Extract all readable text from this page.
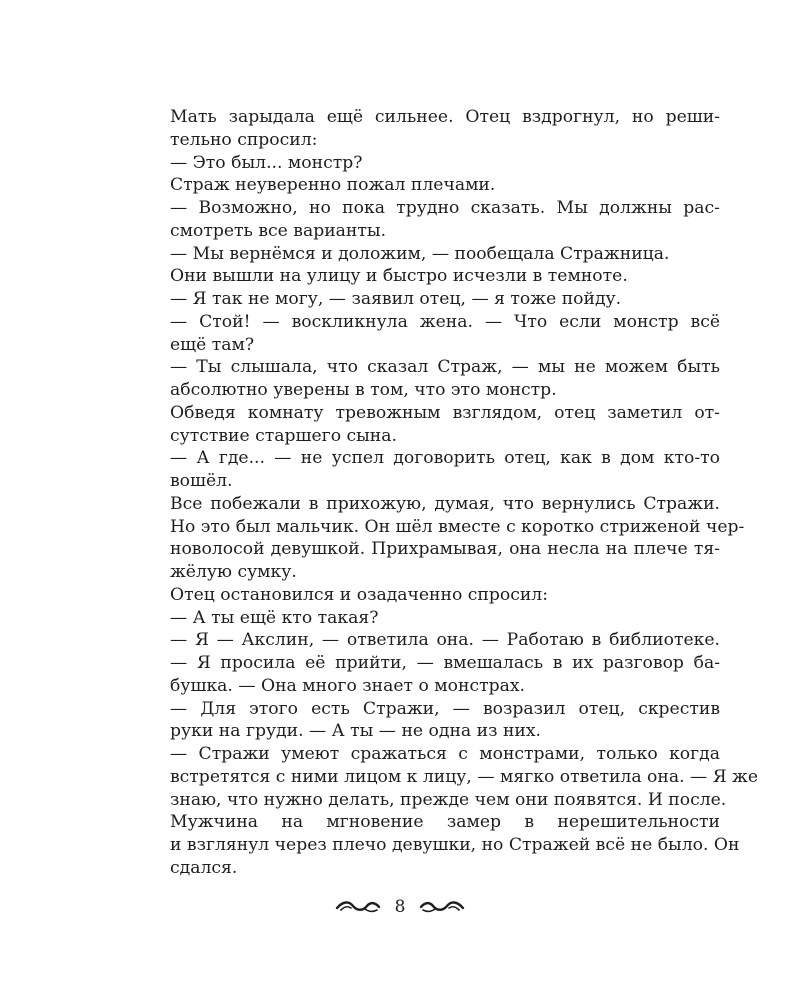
Мать зарыдала ещё сильнее. Отец вздрогнул, но реши-
тельно спросил:
— Это был... монстр?
Страж неуверенно пожал плечами.
— Возможно, но пока трудно сказать. Мы должны рас-
смотреть все варианты.
— Мы вернёмся и доложим, — пообещала Стражница.
Они вышли на улицу и быстро исчезли в темноте.
— Я так не могу, — заявил отец, — я тоже пойду.
— Стой! — воскликнула жена. — Что если монстр всё
ещё там?
— Ты слышала, что сказал Страж, — мы не можем быть
абсолютно уверены в том, что это монстр.
Обведя комнату тревожным взглядом, отец заметил от-
сутствие старшего сына.
— А где... — не успел договорить отец, как в дом кто-то
вошёл.
Все побежали в прихожую, думая, что вернулись Стражи.
Но это был мальчик. Он шёл вместе с коротко стриженой чер-
новолосой девушкой. Прихрамывая, она несла на плече тя-
жёлую сумку.
Отец остановился и озадаченно спросил:
— А ты ещё кто такая?
— Я — Акслин, — ответила она. — Работаю в библиотеке.
— Я просила её прийти, — вмешалась в их разговор ба-
бушка. — Она много знает о монстрах.
— Для этого есть Стражи, — возразил отец, скрестив
руки на груди. — А ты — не одна из них.
— Стражи умеют сражаться с монстрами, только когда
встретятся с ними лицом к лицу, — мягко ответила она. — Я же
знаю, что нужно делать, прежде чем они появятся. И после.
Мужчина на мгновение замер в нерешительности
и взглянул через плечо девушки, но Стражей всё не было. Он
сдался.
8
